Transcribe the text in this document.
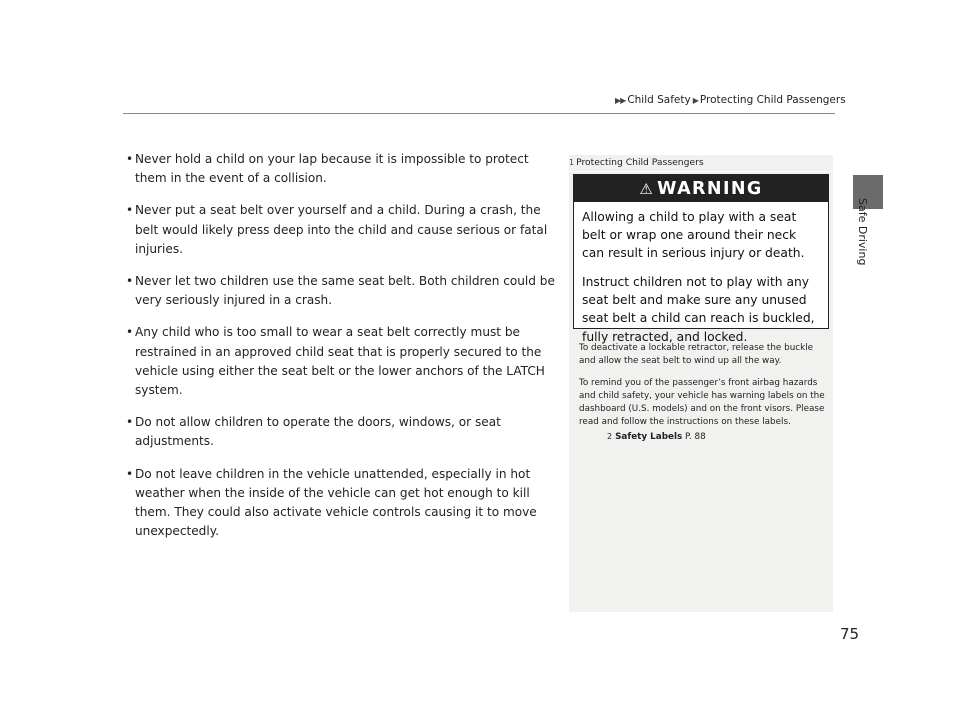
▶▶ Child Safety ▶ Protecting Child Passengers
Safe Driving
• Never hold a child on your lap because it is impossible to protect them in the event of a collision.
• Never put a seat belt over yourself and a child. During a crash, the belt would likely press deep into the child and cause serious or fatal injuries.
• Never let two children use the same seat belt. Both children could be very seriously injured in a crash.
• Any child who is too small to wear a seat belt correctly must be restrained in an approved child seat that is properly secured to the vehicle using either the seat belt or the lower anchors of the LATCH system.
• Do not allow children to operate the doors, windows, or seat adjustments.
• Do not leave children in the vehicle unattended, especially in hot weather when the inside of the vehicle can get hot enough to kill them. They could also activate vehicle controls causing it to move unexpectedly.
1 Protecting Child Passengers
⚠ WARNING

Allowing a child to play with a seat belt or wrap one around their neck can result in serious injury or death.

Instruct children not to play with any seat belt and make sure any unused seat belt a child can reach is buckled, fully retracted, and locked.

To deactivate a lockable retractor, release the buckle and allow the seat belt to wind up all the way.

To remind you of the passenger’s front airbag hazards and child safety, your vehicle has warning labels on the dashboard (U.S. models) and on the front visors. Please read and follow the instructions on these labels.

2 Safety Labels P. 88
75
